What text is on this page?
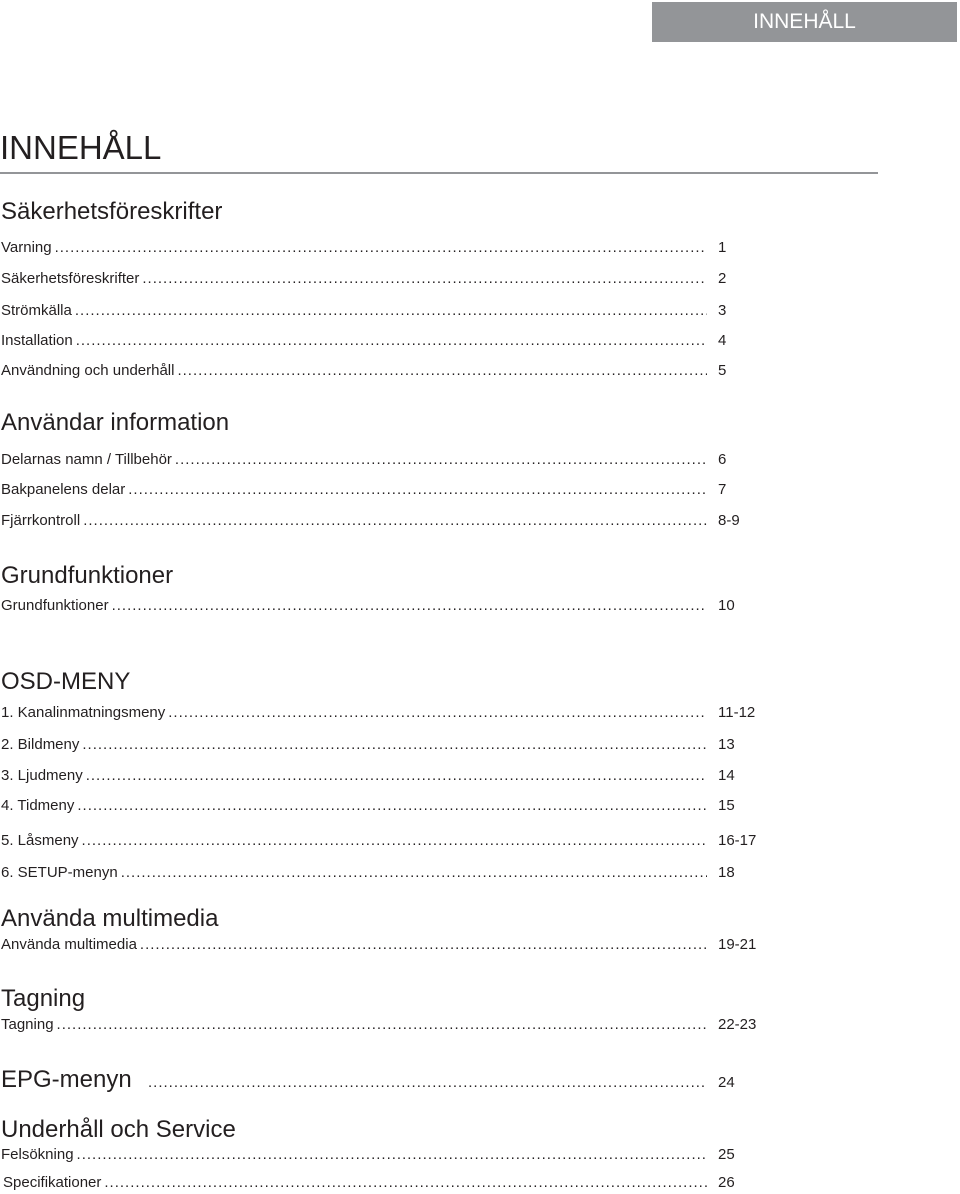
INNEHÅLL
INNEHÅLL
Säkerhetsföreskrifter
Varning .....	1
Säkerhetsföreskrifter .....	2
Strömkälla .....	3
Installation .....	4
Användning och underhåll .....	5
Användar information
Delarnas namn / Tillbehör .....	6
Bakpanelens delar .....	7
Fjärrkontroll .....	8-9
Grundfunktioner
Grundfunktioner .....	10
OSD-MENY
1. Kanalinmatningsmeny .....	11-12
2. Bildmeny .....	13
3. Ljudmeny .....	14
4. Tidmeny .....	15
5. Låsmeny .....	16-17
6. SETUP-menyn .....	18
Använda multimedia
Använda multimedia .....	19-21
Tagning
Tagning .....	22-23
EPG-menyn .....	24
Underhåll och Service
Felsökning .....	25
Specifikationer .....	26
